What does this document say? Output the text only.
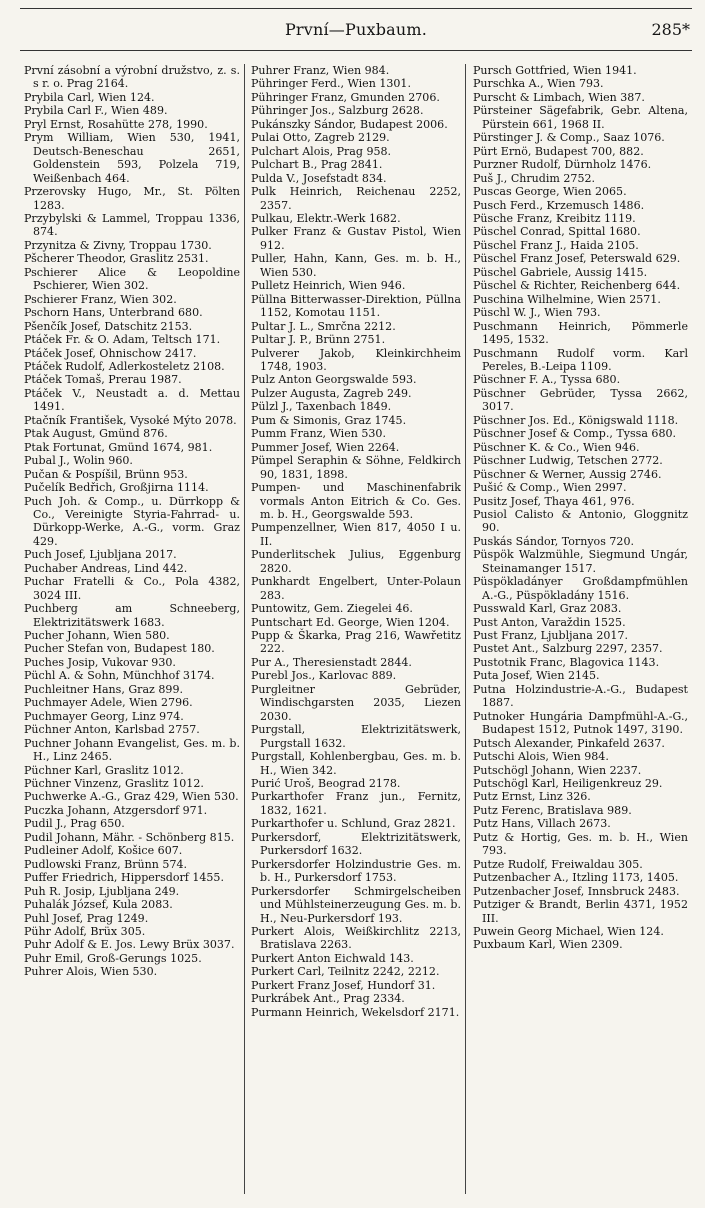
První—Puxbaum.	285*

První zásobní a výrobní družstvo, z. s. s r. o. Prag 2164.

Prybila Carl, Wien 124.

Prybila Carl F., Wien 489.

Pryl Ernst, Rosahütte 278, 1990.

Prym William, Wien 530, 1941, Deutsch-Beneschau 2651, Goldenstein 593, Polzela 719, Weißenbach 464.

Przerovsky Hugo, Mr., St. Pölten 1283.

Przybylski & Lammel, Troppau 1336, 874.

Przynitza & Zivny, Troppau 1730.

Pšcherer Theodor, Graslitz 2531.

Pschierer Alice & Leopoldine Pschierer, Wien 302.

Pschierer Franz, Wien 302.

Pschorn Hans, Unterbrand 680.

Pšenčík Josef, Datschitz 2153.

Ptáček Fr. & O. Adam, Teltsch 171.

Ptáček Josef, Ohnischow 2417.

Ptáček Rudolf, Adlerkosteletz 2108.

Ptáček Tomaš, Prerau 1987.

Ptáček V., Neustadt a. d. Mettau 1491.

Ptačník František, Vysoké Mýto 2078.

Ptak August, Gmünd 876.

Ptak Fortunat, Gmünd 1674, 981.

Pubal J., Wolin 960.

Pučan & Pospíšil, Brünn 953.

Pučelík Bedřich, Großjirna 1114.

Puch Joh. & Comp., u. Dürrkopp & Co., Vereinigte Styria-Fahrrad- u. Dürkopp-Werke, A.-G., vorm. Graz 429.

Puch Josef, Ljubljana 2017.

Puchaber Andreas, Lind 442.

Puchar Fratelli & Co., Pola 4382, 3024 III.

Puchberg am Schneeberg, Elektrizitätswerk 1683.

Pucher Johann, Wien 580.

Pucher Stefan von, Budapest 180.

Puches Josip, Vukovar 930.

Püchl A. & Sohn, Münchhof 3174.

Puchleitner Hans, Graz 899.

Puchmayer Adele, Wien 2796.

Puchmayer Georg, Linz 974.

Püchner Anton, Karlsbad 2757.

Puchner Johann Evangelist, Ges. m. b. H., Linz 2465.

Püchner Karl, Graslitz 1012.

Püchner Vinzenz, Graslitz 1012.

Puchwerke A.-G., Graz 429, Wien 530.

Puczka Johann, Atzgersdorf 971.

Pudil J., Prag 650.

Pudil Johann, Mähr. - Schönberg 815.

Pudleiner Adolf, Košice 607.

Pudlowski Franz, Brünn 574.

Puffer Friedrich, Hippersdorf 1455.

Puh R. Josip, Ljubljana 249.

Puhalák József, Kula 2083.

Puhl Josef, Prag 1249.

Pühr Adolf, Brüx 305.

Puhr Adolf & E. Jos. Lewy Brüx 3037.

Puhr Emil, Groß-Gerungs 1025.

Puhrer Alois, Wien 530.

Puhrer Franz, Wien 984.

Pühringer Ferd., Wien 1301.

Pühringer Franz, Gmunden 2706.

Pühringer Jos., Salzburg 2628.

Pukánszky Sándor, Budapest 2006.

Pulai Otto, Zagreb 2129.

Pulchart Alois, Prag 958.

Pulchart B., Prag 2841.

Pulda V., Josefstadt 834.

Pulk Heinrich, Reichenau 2252, 2357.

Pulkau, Elektr.-Werk 1682.

Pulker Franz & Gustav Pistol, Wien 912.

Puller, Hahn, Kann, Ges. m. b. H., Wien 530.

Pulletz Heinrich, Wien 946.

Püllna Bitterwasser-Direktion, Püllna 1152, Komotau 1151.

Pultar J. L., Smrčna 2212.

Pultar J. P., Brünn 2751.

Pulverer Jakob, Kleinkirchheim 1748, 1903.

Pulz Anton Georgswalde 593.

Pulzer Augusta, Zagreb 249.

Pülzl J., Taxenbach 1849.

Pum & Simonis, Graz 1745.

Pumm Franz, Wien 530.

Pummer Josef, Wien 2264.

Pümpel Seraphin & Söhne, Feldkirch 90, 1831, 1898.

Pumpen- und Maschinenfabrik vormals Anton Eitrich & Co. Ges. m. b. H., Georgswalde 593.

Pumpenzellner, Wien 817, 4050 I u. II.

Punderlitschek Julius, Eggenburg 2820.

Punkhardt Engelbert, Unter-Polaun 283.

Puntowitz, Gem. Ziegelei 46.

Puntschart Ed. George, Wien 1204.

Pupp & Škarka, Prag 216, Wawřetitz 222.

Pur A., Theresienstadt 2844.

Purebl Jos., Karlovac 889.

Purgleitner Gebrüder, Windischgarsten 2035, Liezen 2030.

Purgstall, Elektrizitätswerk, Purgstall 1632.

Purgstall, Kohlenbergbau, Ges. m. b. H., Wien 342.

Purić Uroš, Beograd 2178.

Purkarthofer Franz jun., Fernitz, 1832, 1621.

Purkarthofer u. Schlund, Graz 2821.

Purkersdorf, Elektrizitätswerk, Purkersdorf 1632.

Purkersdorfer Holzindustrie Ges. m. b. H., Purkersdorf 1753.

Purkersdorfer Schmirgelscheiben und Mühlsteinerzeugung Ges. m. b. H., Neu-Purkersdorf 193.

Purkert Alois, Weißkirchlitz 2213, Bratislava 2263.

Purkert Anton Eichwald 143.

Purkert Carl, Teilnitz 2242, 2212.

Purkert Franz Josef, Hundorf 31.

Purkrábek Ant., Prag 2334.

Purmann Heinrich, Wekelsdorf 2171.

Pursch Gottfried, Wien 1941.

Purschka A., Wien 793.

Purscht & Limbach, Wien 387.

Pürsteiner Sägefabrik, Gebr. Altena, Pürstein 661, 1968 II.

Pürstinger J. & Comp., Saaz 1076.

Pürt Ernö, Budapest 700, 882.

Purzner Rudolf, Dürnholz 1476.

Puš J., Chrudim 2752.

Puscas George, Wien 2065.

Pusch Ferd., Krzemusch 1486.

Püsche Franz, Kreibitz 1119.

Püschel Conrad, Spittal 1680.

Püschel Franz J., Haida 2105.

Püschel Franz Josef, Peterswald 629.

Püschel Gabriele, Aussig 1415.

Püschel & Richter, Reichenberg 644.

Puschina Wilhelmine, Wien 2571.

Püschl W. J., Wien 793.

Puschmann Heinrich, Pömmerle 1495, 1532.

Puschmann Rudolf vorm. Karl Pereles, B.-Leipa 1109.

Püschner F. A., Tyssa 680.

Püschner Gebrüder, Tyssa 2662, 3017.

Püschner Jos. Ed., Königswald 1118.

Püschner Josef & Comp., Tyssa 680.

Püschner K. & Co., Wien 946.

Püschner Ludwig, Tetschen 2772.

Püschner & Werner, Aussig 2746.

Pušić & Comp., Wien 2997.

Pusitz Josef, Thaya 461, 976.

Pusiol Calisto & Antonio, Gloggnitz 90.

Puskás Sándor, Tornyos 720.

Püspök Walzmühle, Siegmund Ungár, Steinamanger 1517.

Püspökladányer Großdampfmühlen A.-G., Püspökladány 1516.

Pusswald Karl, Graz 2083.

Pust Anton, Varaždin 1525.

Pust Franz, Ljubljana 2017.

Pustet Ant., Salzburg 2297, 2357.

Pustotnik Franc, Blagovica 1143.

Puta Josef, Wien 2145.

Putna Holzindustrie-A.-G., Budapest 1887.

Putnoker Hungária Dampfmühl-A.-G., Budapest 1512, Putnok 1497, 3190.

Putsch Alexander, Pinkafeld 2637.

Putschi Alois, Wien 984.

Putschögl Johann, Wien 2237.

Putschögl Karl, Heiligenkreuz 29.

Putz Ernst, Linz 326.

Putz Ferenc, Bratislava 989.

Putz Hans, Villach 2673.

Putz & Hortig, Ges. m. b. H., Wien 793.

Putze Rudolf, Freiwaldau 305.

Putzenbacher A., Itzling 1173, 1405.

Putzenbacher Josef, Innsbruck 2483.

Putziger & Brandt, Berlin 4371, 1952 III.

Puwein Georg Michael, Wien 124.

Puxbaum Karl, Wien 2309.
